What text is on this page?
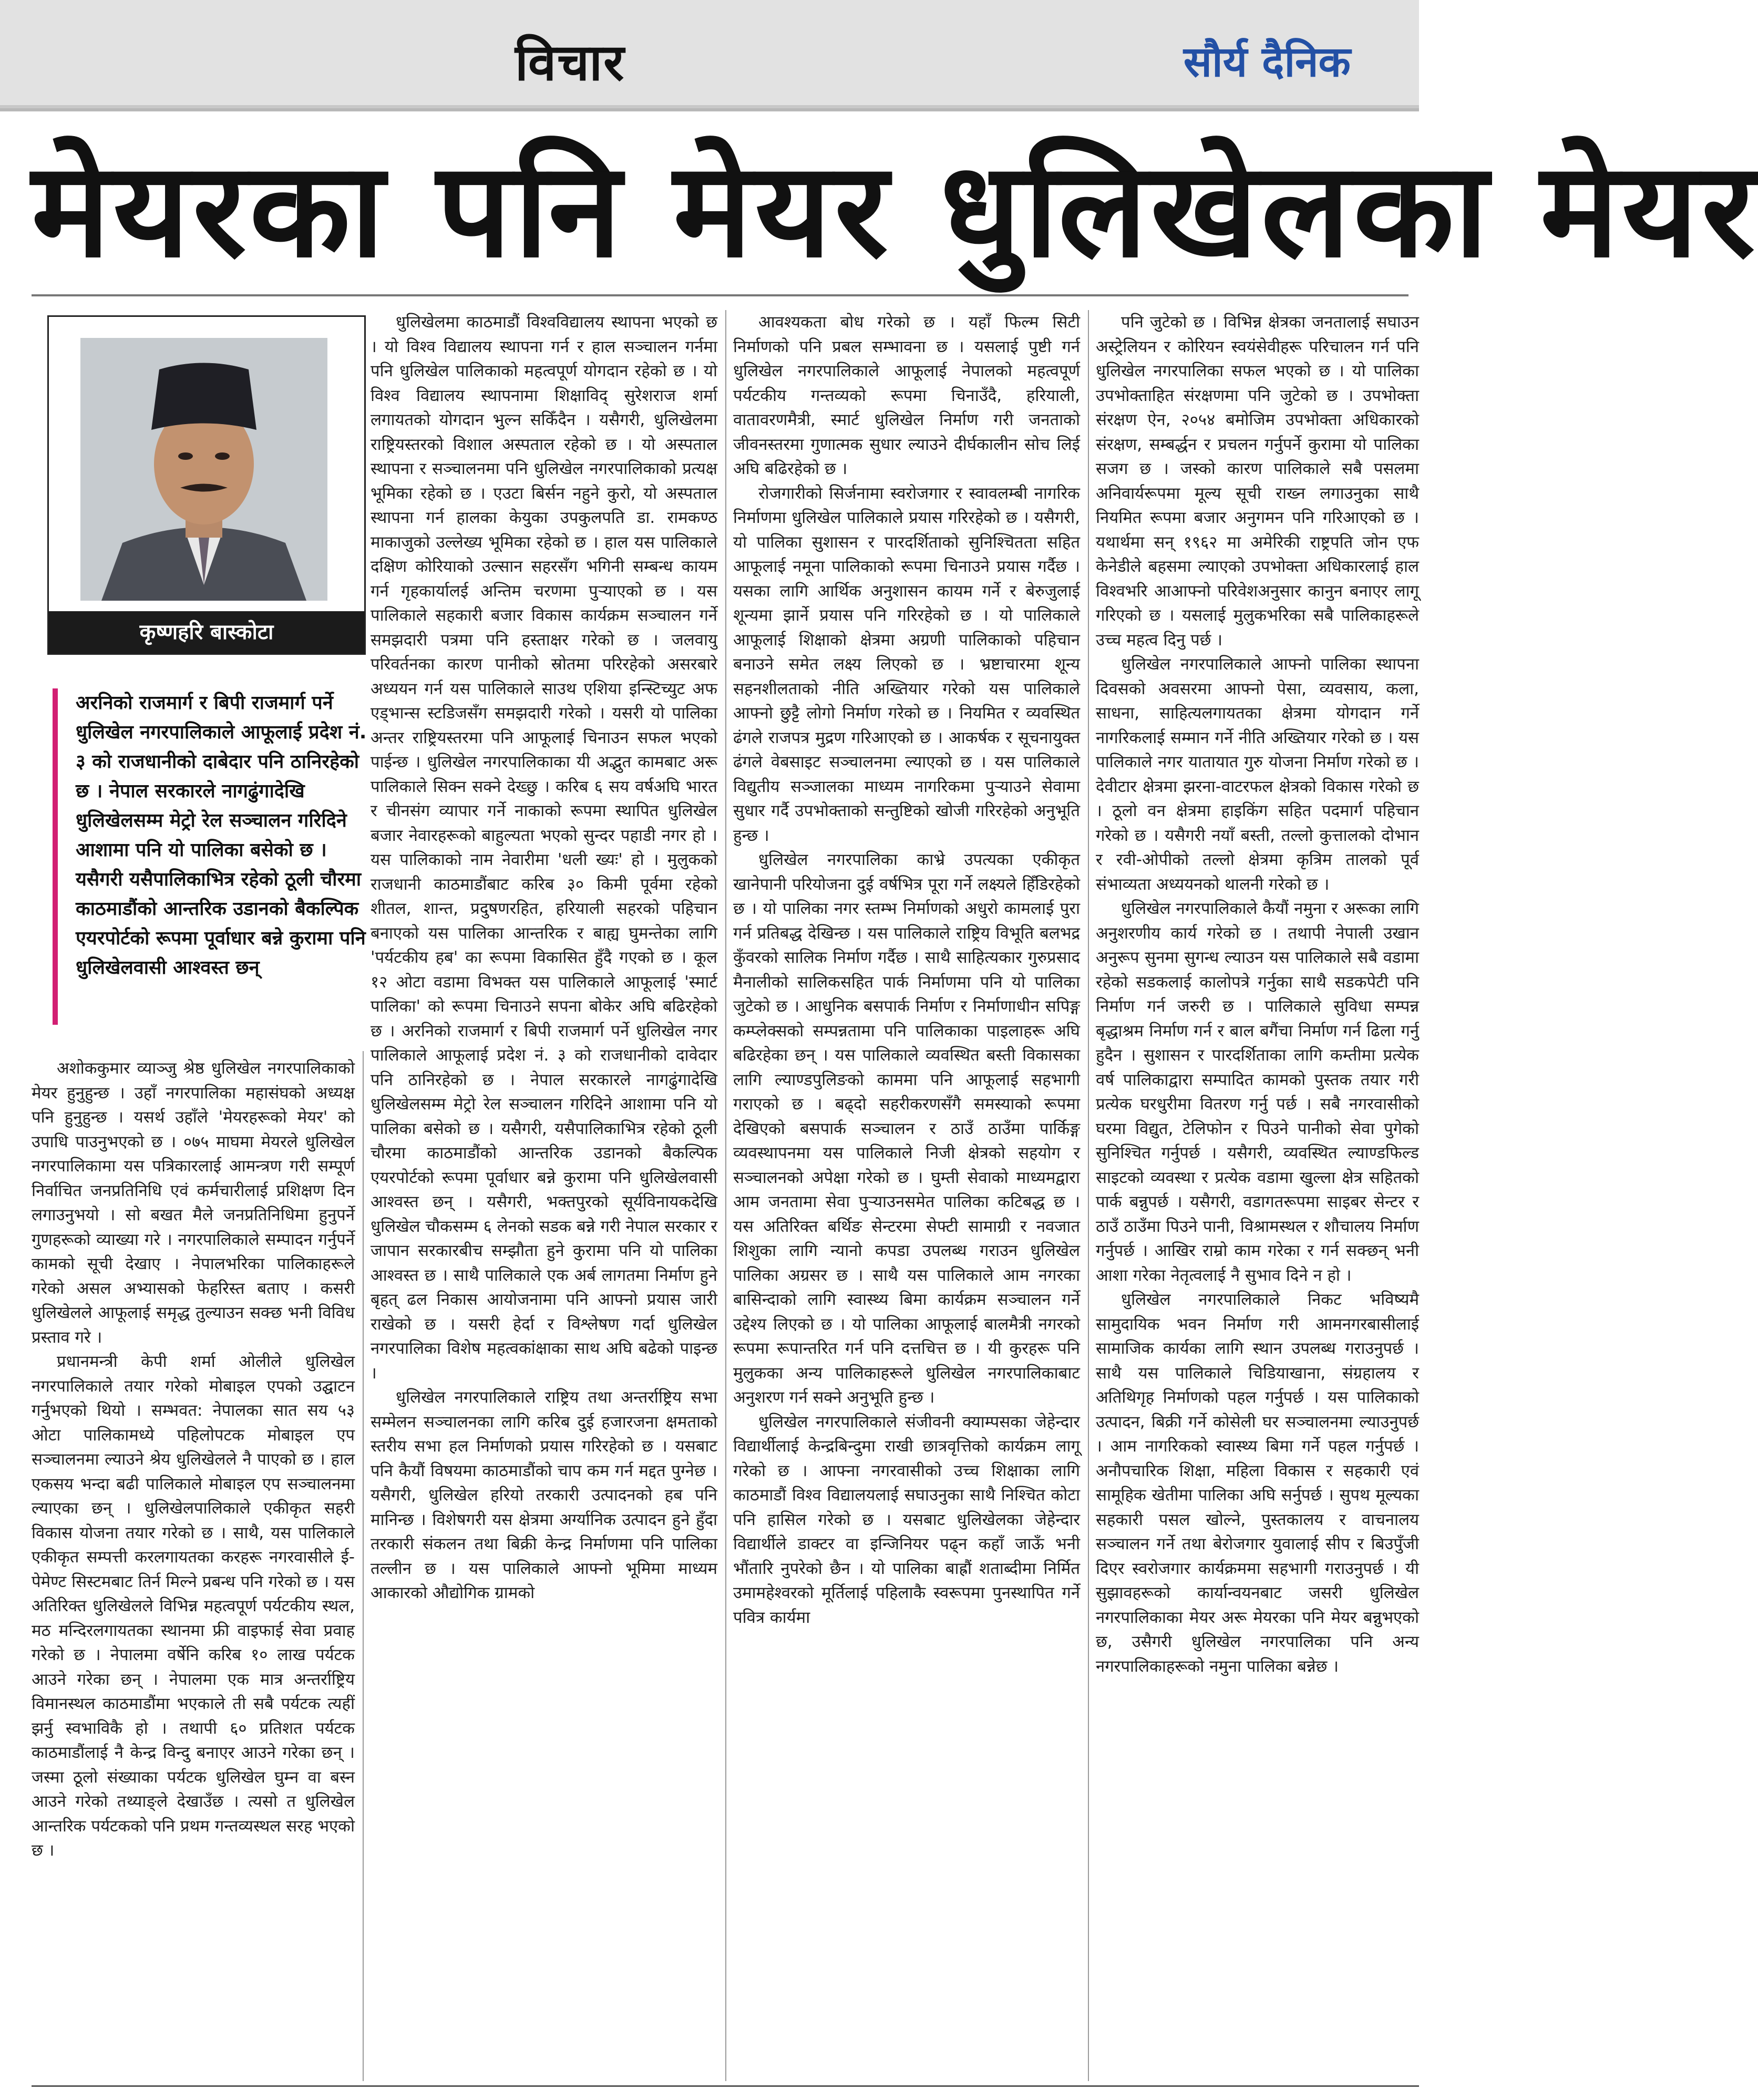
विचार	सौर्य दैनिक
मेयरका पनि मेयर धुलिखेलका मेयर
कृष्णहरि बास्कोटा
अरनिको राजमार्ग र बिपी राजमार्ग पर्ने धुलिखेल नगरपालिकाले आफूलाई प्रदेश नं. ३ को राजधानीको दाबेदार पनि ठानिरहेको छ । नेपाल सरकारले नागढुंगादेखि धुलिखेलसम्म मेट्रो रेल सञ्चालन गरिदिने आशामा पनि यो पालिका बसेको छ । यसैगरी यसैपालिकाभित्र रहेको ठूली चौरमा काठमाडौंको आन्तरिक उडानको बैकल्पिक एयरपोर्टको रूपमा पूर्वाधार बन्ने कुरामा पनि धुलिखेलवासी आश्वस्त छन्

अशोककुमार व्याञ्जु श्रेष्ठ धुलिखेल नगरपालिकाको मेयर हुनुहुन्छ । उहाँ नगरपालिका महासंघको अध्यक्ष पनि हुनुहुन्छ । यसर्थ उहाँले 'मेयरहरूको मेयर' को उपाधि पाउनुभएको छ । ०७५ माघमा मेयरले धुलिखेल नगरपालिकामा यस पत्रिकारलाई आमन्त्रण गरी सम्पूर्ण निर्वाचित जनप्रतिनिधि एवं कर्मचारीलाई प्रशिक्षण दिन लगाउनुभयो । सो बखत मैले जनप्रतिनिधिमा हुनुपर्ने गुणहरूको व्याख्या गरे । नगरपालिकाले सम्पादन गर्नुपर्ने कामको सूची देखाए । नेपालभरिका पालिकाहरूले गरेको असल अभ्यासको फेहरिस्त बताए । कसरी धुलिखेलले आफूलाई समृद्ध तुल्याउन सक्छ भनी विविध प्रस्ताव गरे ।

प्रधानमन्त्री केपी शर्मा ओलीले धुलिखेल नगरपालिकाले तयार गरेको मोबाइल एपको उद्घाटन गर्नुभएको थियो । सम्भवत: नेपालका सात सय ५३ ओटा पालिकामध्ये पहिलोपटक मोबाइल एप सञ्चालनमा ल्याउने श्रेय धुलिखेलले नै पाएको छ । हाल एकसय भन्दा बढी पालिकाले मोबाइल एप सञ्चालनमा ल्याएका छन् । धुलिखेलपालिकाले एकीकृत सहरी विकास योजना तयार गरेको छ । साथै, यस पालिकाले एकीकृत सम्पत्ती करलगायतका करहरू नगरवासीले ई-पेमेण्ट सिस्टमबाट तिर्न मिल्ने प्रबन्ध पनि गरेको छ । यस अतिरिक्त धुलिखेलले विभिन्न महत्वपूर्ण पर्यटकीय स्थल, मठ मन्दिरलगायतका स्थानमा फ्री वाइफाई सेवा प्रवाह गरेको छ । नेपालमा वर्षेनि करिब १० लाख पर्यटक आउने गरेका छन् । नेपालमा एक मात्र अन्तर्राष्ट्रिय विमानस्थल काठमाडौंमा भएकाले ती सबै पर्यटक त्यहीं झर्नु स्वभाविकै हो । तथापी ६० प्रतिशत पर्यटक काठमाडौंलाई नै केन्द्र विन्दु बनाएर आउने गरेका छन् । जस्मा ठूलो संख्याका पर्यटक धुलिखेल घुम्न वा बस्न आउने गरेको तथ्याङ्ले देखाउँछ । त्यसो त धुलिखेल आन्तरिक पर्यटकको पनि प्रथम गन्तव्यस्थल सरह भएको छ ।

धुलिखेलमा काठमाडौं विश्वविद्यालय स्थापना भएको छ । यो विश्व विद्यालय स्थापना गर्न र हाल सञ्चालन गर्नमा पनि धुलिखेल पालिकाको महत्वपूर्ण योगदान रहेको छ । यो विश्व विद्यालय स्थापनामा शिक्षाविद् सुरेशराज शर्मा लगायतको योगदान भुल्न सकिँदैन । यसैगरी, धुलिखेलमा राष्ट्रियस्तरको विशाल अस्पताल रहेको छ । यो अस्पताल स्थापना र सञ्चालनमा पनि धुलिखेल नगरपालिकाको प्रत्यक्ष भूमिका रहेको छ । एउटा बिर्सन नहुने कुरो, यो अस्पताल स्थापना गर्न हालका केयुका उपकुलपति डा. रामकण्ठ माकाजुको उल्लेख्य भूमिका रहेको छ । हाल यस पालिकाले दक्षिण कोरियाको उल्सान सहरसँग भगिनी सम्बन्ध कायम गर्न गृहकार्यालई अन्तिम चरणमा पुऱ्याएको छ । यस पालिकाले सहकारी बजार विकास कार्यक्रम सञ्चालन गर्ने समझदारी पत्रमा पनि हस्ताक्षर गरेको छ । जलवायु परिवर्तनका कारण पानीको स्रोतमा परिरहेको असरबारे अध्ययन गर्न यस पालिकाले साउथ एशिया इन्स्टिच्युट अफ एड्भान्स स्टडिजसँग समझदारी गरेको । यसरी यो पालिका अन्तर राष्ट्रियस्तरमा पनि आफूलाई चिनाउन सफल भएको पाईन्छ । धुलिखेल नगरपालिकाका यी अद्भुत कामबाट अरू पालिकाले सिक्न सक्ने देख्छु । करिब ६ सय वर्षअघि भारत र चीनसंग व्यापार गर्ने नाकाको रूपमा स्थापित धुलिखेल बजार नेवारहरूको बाहुल्यता भएको सुन्दर पहाडी नगर हो । यस पालिकाको नाम नेवारीमा 'धली ख्यः' हो । मुलुकको राजधानी काठमाडौंबाट करिब ३० किमी पूर्वमा रहेको शीतल, शान्त, प्रदुषणरहित, हरियाली सहरको पहिचान बनाएको यस पालिका आन्तरिक र बाह्य घुमन्तेका लागि 'पर्यटकीय हब' का रूपमा विकासित हुँदै गएको छ । कूल १२ ओटा वडामा विभक्त यस पालिकाले आफूलाई 'स्मार्ट पालिका' को रूपमा चिनाउने सपना बोकेर अघि बढिरहेको छ । अरनिको राजमार्ग र बिपी राजमार्ग पर्ने धुलिखेल नगर पालिकाले आफूलाई प्रदेश नं. ३ को राजधानीको दावेदार पनि ठानिरहेको छ । नेपाल सरकारले नागढुंगादेखि धुलिखेलसम्म मेट्रो रेल सञ्चालन गरिदिने आशामा पनि यो पालिका बसेको छ । यसैगरी, यसैपालिकाभित्र रहेको ठूली चौरमा काठमाडौंको आन्तरिक उडानको बैकल्पिक एयरपोर्टको रूपमा पूर्वाधार बन्ने कुरामा पनि धुलिखेलवासी आश्वस्त छन् । यसैगरी, भक्तपुरको सूर्यविनायकदेखि धुलिखेल चौकसम्म ६ लेनको सडक बन्ने गरी नेपाल सरकार र जापान सरकारबीच सम्झौता हुने कुरामा पनि यो पालिका आश्वस्त छ । साथै पालिकाले एक अर्ब लागतमा निर्माण हुने बृहत् ढल निकास आयोजनामा पनि आफ्नो प्रयास जारी राखेको छ । यसरी हेर्दा र विश्लेषण गर्दा धुलिखेल नगरपालिका विशेष महत्वकांक्षाका साथ अघि बढेको पाइन्छ ।

धुलिखेल नगरपालिकाले राष्ट्रिय तथा अन्तर्राष्ट्रिय सभा सम्मेलन सञ्चालनका लागि करिब दुई हजारजना क्षमताको स्तरीय सभा हल निर्माणको प्रयास गरिरहेको छ । यसबाट पनि कैयौं विषयमा काठमाडौंको चाप कम गर्न मद्दत पुग्नेछ । यसैगरी, धुलिखेल हरियो तरकारी उत्पादनको हब पनि मानिन्छ । विशेषगरी यस क्षेत्रमा अर्ग्यानिक उत्पादन हुने हुँदा तरकारी संकलन तथा बिक्री केन्द्र निर्माणमा पनि पालिका तल्लीन छ । यस पालिकाले आफ्नो भूमिमा माध्यम आकारको औद्योगिक ग्रामको

आवश्यकता बोध गरेको छ । यहाँ फिल्म सिटी निर्माणको पनि प्रबल सम्भावना छ । यसलाई पुष्टी गर्न धुलिखेल नगरपालिकाले आफूलाई नेपालको महत्वपूर्ण पर्यटकीय गन्तव्यको रूपमा चिनाउँदै, हरियाली, वातावरणमैत्री, स्मार्ट धुलिखेल निर्माण गरी जनताको जीवनस्तरमा गुणात्मक सुधार ल्याउने दीर्घकालीन सोच लिई अघि बढिरहेको छ ।

रोजगारीको सिर्जनामा स्वरोजगार र स्वावलम्बी नागरिक निर्माणमा धुलिखेल पालिकाले प्रयास गरिरहेको छ । यसैगरी, यो पालिका सुशासन र पारदर्शिताको सुनिश्चितता सहित आफूलाई नमूना पालिकाको रूपमा चिनाउने प्रयास गर्दैछ । यसका लागि आर्थिक अनुशासन कायम गर्ने र बेरुजुलाई शून्यमा झार्ने प्रयास पनि गरिरहेको छ । यो पालिकाले आफूलाई शिक्षाको क्षेत्रमा अग्रणी पालिकाको पहिचान बनाउने समेत लक्ष्य लिएको छ । भ्रष्टाचारमा शून्य सहनशीलताको नीति अख्तियार गरेको यस पालिकाले आफ्नो छुट्टै लोगो निर्माण गरेको छ । नियमित र व्यवस्थित ढंगले राजपत्र मुद्रण गरिआएको छ । आकर्षक र सूचनायुक्त ढंगले वेबसाइट सञ्चालनमा ल्याएको छ । यस पालिकाले विद्युतीय सञ्जालका माध्यम नागरिकमा पुऱ्याउने सेवामा सुधार गर्दै उपभोक्ताको सन्तुष्टिको खोजी गरिरहेको अनुभूति हुन्छ ।

धुलिखेल नगरपालिका काभ्रे उपत्यका एकीकृत खानेपानी परियोजना दुई वर्षभित्र पूरा गर्ने लक्ष्यले हिँडिरहेको छ । यो पालिका नगर स्तम्भ निर्माणको अधुरो कामलाई पुरा गर्न प्रतिबद्ध देखिन्छ । यस पालिकाले राष्ट्रिय विभूति बलभद्र कुँवरको सालिक निर्माण गर्दैछ । साथै साहित्यकार गुरुप्रसाद मैनालीको सालिकसहित पार्क निर्माणमा पनि यो पालिका जुटेको छ । आधुनिक बसपार्क निर्माण र निर्माणाधीन सपिङ्ग कम्प्लेक्सको सम्पन्नतामा पनि पालिकाका पाइलाहरू अघि बढिरहेका छन् । यस पालिकाले व्यवस्थित बस्ती विकासका लागि ल्याण्डपुलिङको काममा पनि आफूलाई सहभागी गराएको छ । बढ्दो सहरीकरणसँगै समस्याको रूपमा देखिएको बसपार्क सञ्चालन र ठाउँ ठाउँमा पार्किङ्ग व्यवस्थापनमा यस पालिकाले निजी क्षेत्रको सहयोग र सञ्चालनको अपेक्षा गरेको छ । घुम्ती सेवाको माध्यमद्वारा आम जनतामा सेवा पुऱ्याउनसमेत पालिका कटिबद्ध छ । यस अतिरिक्त बर्थिङ सेन्टरमा सेफ्टी सामाग्री र नवजात शिशुका लागि न्यानो कपडा उपलब्ध गराउन धुलिखेल पालिका अग्रसर छ । साथै यस पालिकाले आम नगरका बासिन्दाको लागि स्वास्थ्य बिमा कार्यक्रम सञ्चालन गर्ने उद्देश्य लिएको छ । यो पालिका आफूलाई बालमैत्री नगरको रूपमा रूपान्तरित गर्न पनि दत्तचित्त छ । यी कुरहरू पनि मुलुकका अन्य पालिकाहरूले धुलिखेल नगरपालिकाबाट अनुशरण गर्न सक्ने अनुभूति हुन्छ ।

धुलिखेल नगरपालिकाले संजीवनी क्याम्पसका जेहेन्दार विद्यार्थीलाई केन्द्रबिन्दुमा राखी छात्रवृत्तिको कार्यक्रम लागू गरेको छ । आफ्ना नगरवासीको उच्च शिक्षाका लागि काठमाडौं विश्व विद्यालयलाई सघाउनुका साथै निश्चित कोटा पनि हासिल गरेको छ । यसबाट धुलिखेलका जेहेन्दार विद्यार्थीले डाक्टर वा इन्जिनियर पढ्न कहाँ जाऊँ भनी भौंतारि नुपरेको छैन । यो पालिका बाह्रौं शताब्दीमा निर्मित उमामहेश्वरको मूर्तिलाई पहिलाकै स्वरूपमा पुनस्थापित गर्ने पवित्र कार्यमा

पनि जुटेको छ । विभिन्न क्षेत्रका जनतालाई सघाउन अस्ट्रेलियन र कोरियन स्वयंसेवीहरू परिचालन गर्न पनि धुलिखेल नगरपालिका सफल भएको छ । यो पालिका उपभोक्ताहित संरक्षणमा पनि जुटेको छ । उपभोक्ता संरक्षण ऐन, २०५४ बमोजिम उपभोक्ता अधिकारको संरक्षण, सम्बर्द्धन र प्रचलन गर्नुपर्ने कुरामा यो पालिका सजग छ । जस्को कारण पालिकाले सबै पसलमा अनिवार्यरूपमा मूल्य सूची राख्न लगाउनुका साथै नियमित रूपमा बजार अनुगमन पनि गरिआएको छ । यथार्थमा सन् १९६२ मा अमेरिकी राष्ट्रपति जोन एफ केनेडीले बहसमा ल्याएको उपभोक्ता अधिकारलाई हाल विश्वभरि आआफ्नो परिवेशअनुसार कानुन बनाएर लागू गरिएको छ । यसलाई मुलुकभरिका सबै पालिकाहरूले उच्च महत्व दिनु पर्छ ।

धुलिखेल नगरपालिकाले आफ्नो पालिका स्थापना दिवसको अवसरमा आफ्नो पेसा, व्यवसाय, कला, साधना, साहित्यलगायतका क्षेत्रमा योगदान गर्ने नागरिकलाई सम्मान गर्ने नीति अख्तियार गरेको छ । यस पालिकाले नगर यातायात गुरु योजना निर्माण गरेको छ । देवीटार क्षेत्रमा झरना-वाटरफल क्षेत्रको विकास गरेको छ । ठूलो वन क्षेत्रमा हाइकिंग सहित पदमार्ग पहिचान गरेको छ । यसैगरी नयाँ बस्ती, तल्लो कुत्तालको दोभान र रवी-ओपीको तल्लो क्षेत्रमा कृत्रिम तालको पूर्व संभाव्यता अध्ययनको थालनी गरेको छ ।

धुलिखेल नगरपालिकाले कैयौं नमुना र अरूका लागि अनुशरणीय कार्य गरेको छ । तथापी नेपाली उखान अनुरूप सुनमा सुगन्ध ल्याउन यस पालिकाले सबै वडामा रहेको सडकलाई कालोपत्रे गर्नुका साथै सडकपेटी पनि निर्माण गर्न जरुरी छ । पालिकाले सुविधा सम्पन्न बृद्धाश्रम निर्माण गर्न र बाल बगैंचा निर्माण गर्न ढिला गर्नु हुदैन । सुशासन र पारदर्शिताका लागि कम्तीमा प्रत्येक वर्ष पालिकाद्वारा सम्पादित कामको पुस्तक तयार गरी प्रत्येक घरधुरीमा वितरण गर्नु पर्छ । सबै नगरवासीको घरमा विद्युत, टेलिफोन र पिउने पानीको सेवा पुगेको सुनिश्चित गर्नुपर्छ । यसैगरी, व्यवस्थित ल्याण्डफिल्ड साइटको व्यवस्था र प्रत्येक वडामा खुल्ला क्षेत्र सहितको पार्क बन्नुपर्छ । यसैगरी, वडागतरूपमा साइबर सेन्टर र ठाउँ ठाउँमा पिउने पानी, विश्रामस्थल र शौचालय निर्माण गर्नुपर्छ । आखिर राम्रो काम गरेका र गर्न सक्छन् भनी आशा गरेका नेतृत्वलाई नै सुभाव दिने न हो ।

धुलिखेल नगरपालिकाले निकट भविष्यमै सामुदायिक भवन निर्माण गरी आमनगरबासीलाई सामाजिक कार्यका लागि स्थान उपलब्ध गराउनुपर्छ । साथै यस पालिकाले चिडियाखाना, संग्रहालय र अतिथिगृह निर्माणको पहल गर्नुपर्छ । यस पालिकाको उत्पादन, बिक्री गर्ने कोसेली घर सञ्चालनमा ल्याउनुपर्छ । आम नागरिकको स्वास्थ्य बिमा गर्ने पहल गर्नुपर्छ । अनौपचारिक शिक्षा, महिला विकास र सहकारी एवं सामूहिक खेतीमा पालिका अघि सर्नुपर्छ । सुपथ मूल्यका सहकारी पसल खोल्ने, पुस्तकालय र वाचनालय सञ्चालन गर्ने तथा बेरोजगार युवालाई सीप र बिउपुँजी दिएर स्वरोजगार कार्यक्रममा सहभागी गराउनुपर्छ । यी सुझावहरूको कार्यान्वयनबाट जसरी धुलिखेल नगरपालिकाका मेयर अरू मेयरका पनि मेयर बन्नुभएको छ, उसैगरी धुलिखेल नगरपालिका पनि अन्य नगरपालिकाहरूको नमुना पालिका बन्नेछ ।
